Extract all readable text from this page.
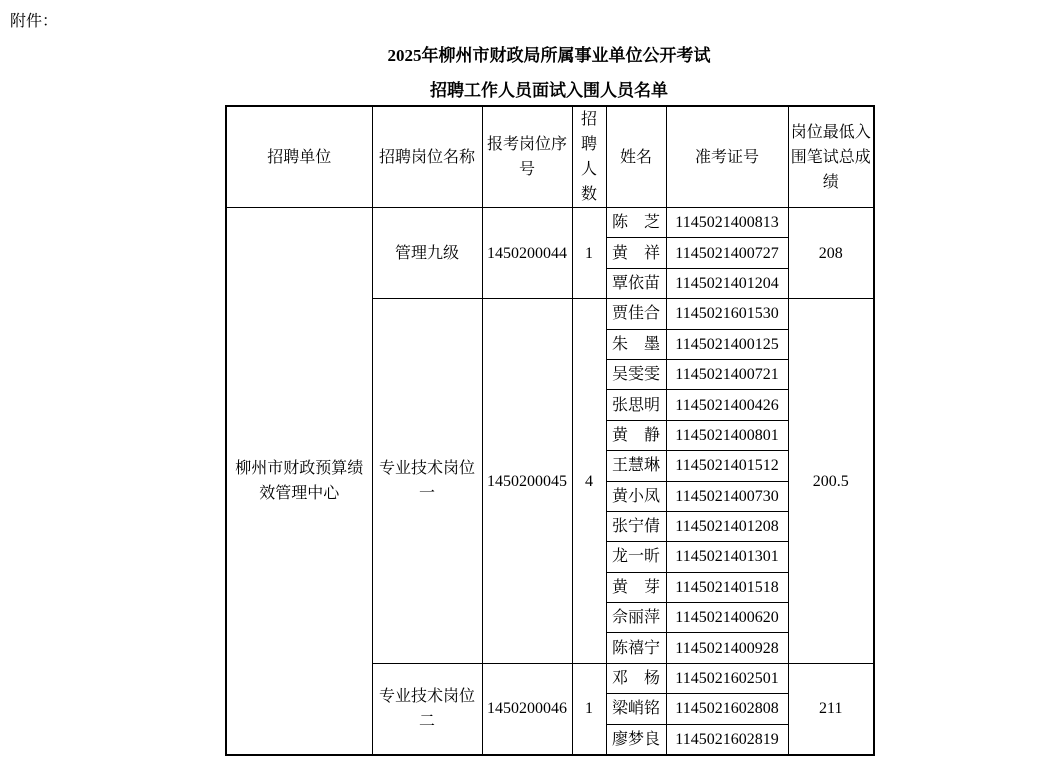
附件：
2025年柳州市财政局所属事业单位公开考试
招聘工作人员面试入围人员名单
招聘单位	招聘岗位名称	报考岗位序号	招聘人数	姓名	准考证号	岗位最低入围笔试总成绩
柳州市财政预算绩效管理中心	管理九级	1450200044	1	陈　芝	1145021400813	208
				黄　祥	1145021400727	
				覃依苗	1145021401204	
	专业技术岗位一	1450200045	4	贾佳合	1145021601530	200.5
				朱　墨	1145021400125	
				吴雯雯	1145021400721	
				张思明	1145021400426	
				黄　静	1145021400801	
				王慧琳	1145021401512	
				黄小凤	1145021400730	
				张宁倩	1145021401208	
				龙一昕	1145021401301	
				黄　芽	1145021401518	
				佘丽萍	1145021400620	
				陈禧宁	1145021400928	
	专业技术岗位二	1450200046	1	邓　杨	1145021602501	211
				梁峭铭	1145021602808	
				廖梦良	1145021602819	
